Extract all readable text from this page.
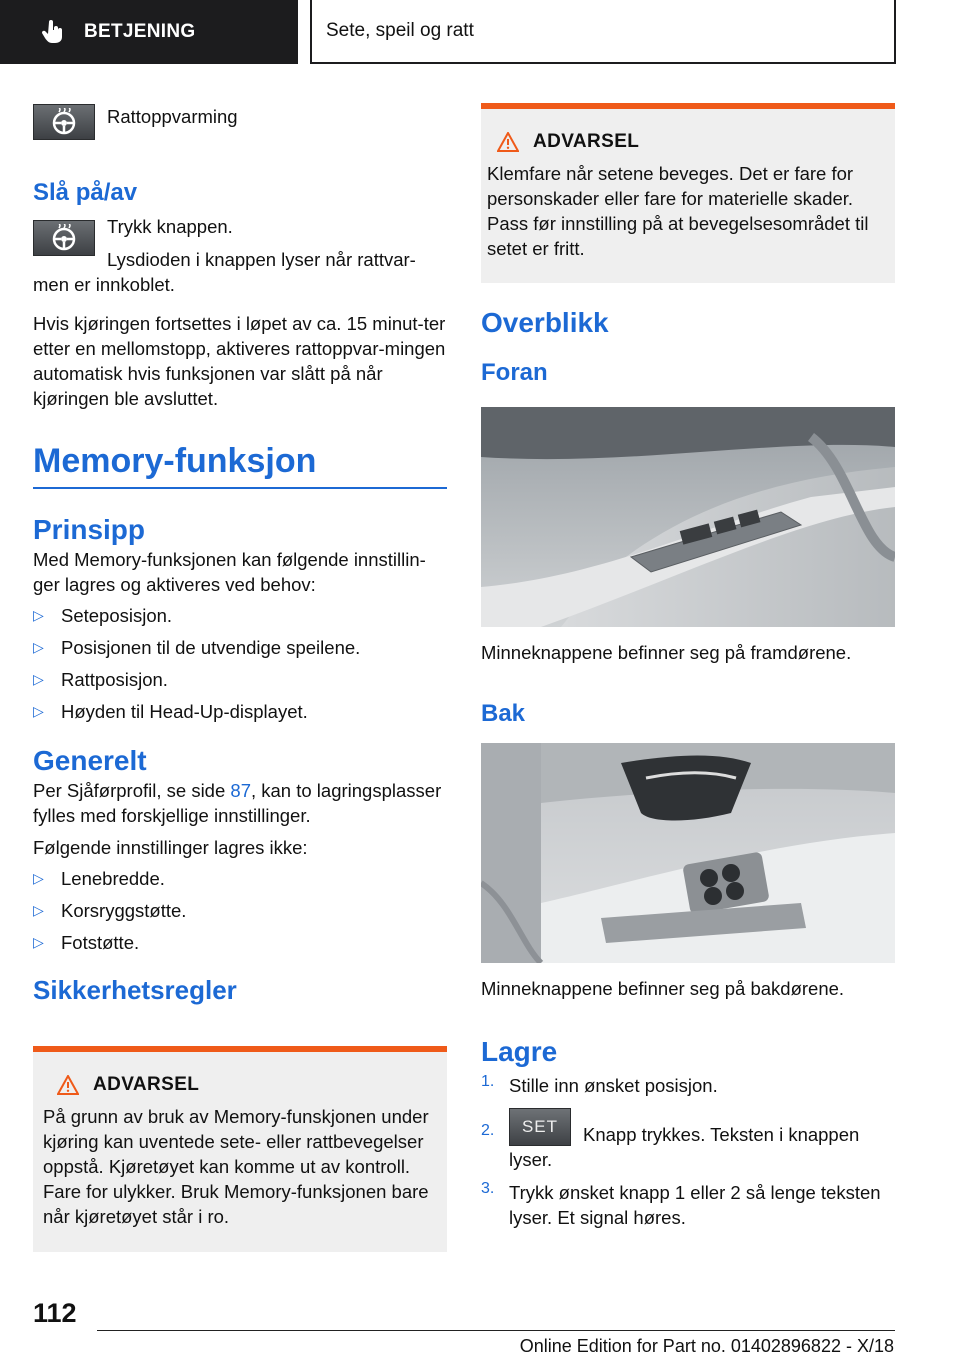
BETJENING	Sete, speil og ratt

Rattoppvarming

Slå på/av

Trykk knappen.

Lysdioden i knappen lyser når rattvar-men er innkoblet.

Hvis kjøringen fortsettes i løpet av ca. 15 minut-ter etter en mellomstopp, aktiveres rattoppvar-mingen automatisk hvis funksjonen var slått på når kjøringen ble avsluttet.

Memory-funksjon
Prinsipp

Med Memory-funksjonen kan følgende innstillin-ger lagres og aktiveres ved behov:

▷ Seteposisjon.
▷ Posisjonen til de utvendige speilene.
▷ Rattposisjon.
▷ Høyden til Head-Up-displayet.
Generelt

Per Sjåførprofil, se side 87, kan to lagringsplasser fylles med forskjellige innstillinger.

Følgende innstillinger lagres ikke:

▷ Lenebredde.
▷ Korsryggstøtte.
▷ Fotstøtte.
Sikkerhetsregler
ADVARSEL

På grunn av bruk av Memory-funskjonen under kjøring kan uventede sete- eller rattbevegelser oppstå. Kjøretøyet kan komme ut av kontroll. Fare for ulykker. Bruk Memory-funksjonen bare når kjøretøyet står i ro.

ADVARSEL

Klemfare når setene beveges. Det er fare for personskader eller fare for materielle skader. Pass før innstilling på at bevegelsesområdet til setet er fritt.

Overblikk
Foran

Minneknappene befinner seg på framdørene.

Bak

Minneknappene befinner seg på bakdørene.

Lagre
1. Stille inn ønsket posisjon.

2.	SET	Knapp trykkes. Teksten i knappen lyser.

3. Trykk ønsket knapp 1 eller 2 så lenge teksten lyser. Et signal høres.

112
Online Edition for Part no. 01402896822 - X/18
